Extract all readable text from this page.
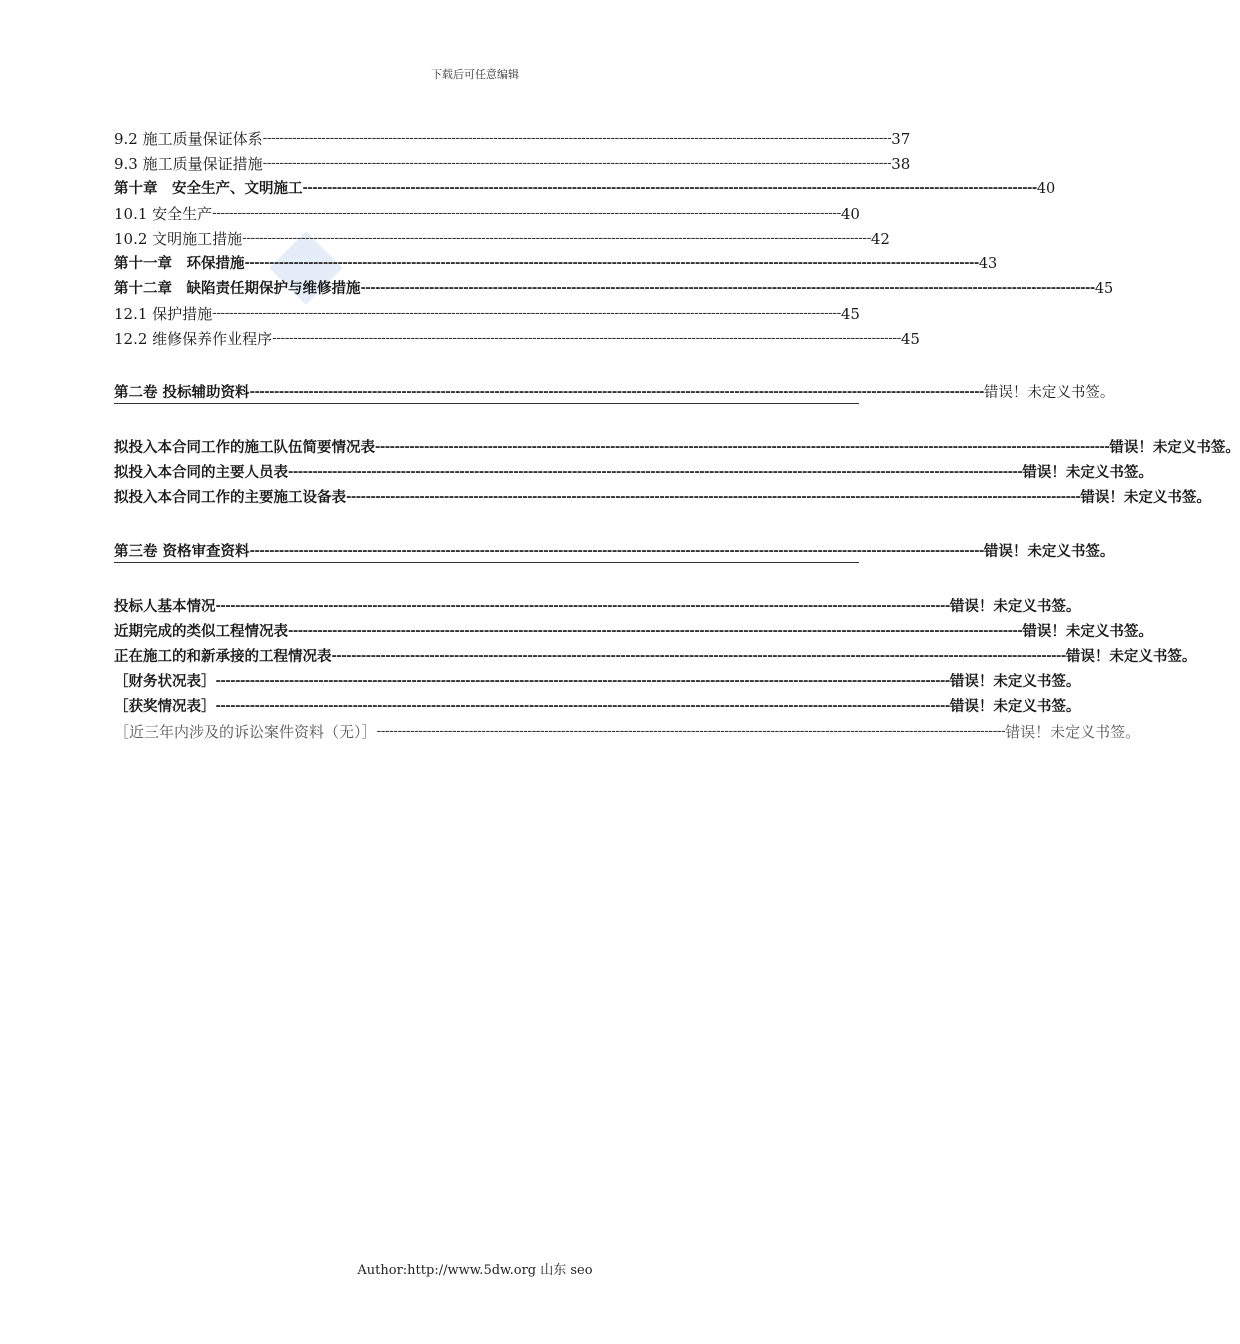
下载后可任意编辑
9.2 施工质量保证体系 ------------------------------------------------------------------------------------------------------------------------------------------------------ 37
9.3 施工质量保证措施 ------------------------------------------------------------------------------------------------------------------------------------------------------ 38
第十章　安全生产、文明施工 ------------------------------------------------------------------------------------------------------------------------------------------------------ 40
10.1 安全生产 ------------------------------------------------------------------------------------------------------------------------------------------------------ 40
10.2 文明施工措施 ------------------------------------------------------------------------------------------------------------------------------------------------------ 42
第十一章　环保措施 ------------------------------------------------------------------------------------------------------------------------------------------------------ 43
第十二章　缺陷责任期保护与维修措施 ------------------------------------------------------------------------------------------------------------------------------------------------------ 45
12.1 保护措施 ------------------------------------------------------------------------------------------------------------------------------------------------------ 45
12.2 维修保养作业程序 ------------------------------------------------------------------------------------------------------------------------------------------------------ 45
第二卷 投标辅助资料 ------------------------------------------------------------------------------------------------------------------------------------------------------ 错误！未定义书签。
拟投入本合同工作的施工队伍简要情况表 ------------------------------------------------------------------------------------------------------------------------------------------------------ 错误！未定义书签。
拟投入本合同的主要人员表 ------------------------------------------------------------------------------------------------------------------------------------------------------ 错误！未定义书签。
拟投入本合同工作的主要施工设备表 ------------------------------------------------------------------------------------------------------------------------------------------------------ 错误！未定义书签。
第三卷 资格审查资料 ------------------------------------------------------------------------------------------------------------------------------------------------------ 错误！未定义书签。
投标人基本情况 ------------------------------------------------------------------------------------------------------------------------------------------------------ 错误！未定义书签。
近期完成的类似工程情况表 ------------------------------------------------------------------------------------------------------------------------------------------------------ 错误！未定义书签。
正在施工的和新承接的工程情况表 ------------------------------------------------------------------------------------------------------------------------------------------------------ 错误！未定义书签。
［财务状况表］ ------------------------------------------------------------------------------------------------------------------------------------------------------ 错误！未定义书签。
［获奖情况表］ ------------------------------------------------------------------------------------------------------------------------------------------------------ 错误！未定义书签。
［近三年内涉及的诉讼案件资料（无）］ ------------------------------------------------------------------------------------------------------------------------------------------------------ 错误！未定义书签。
Author:http://www.5dw.org 山东 seo
